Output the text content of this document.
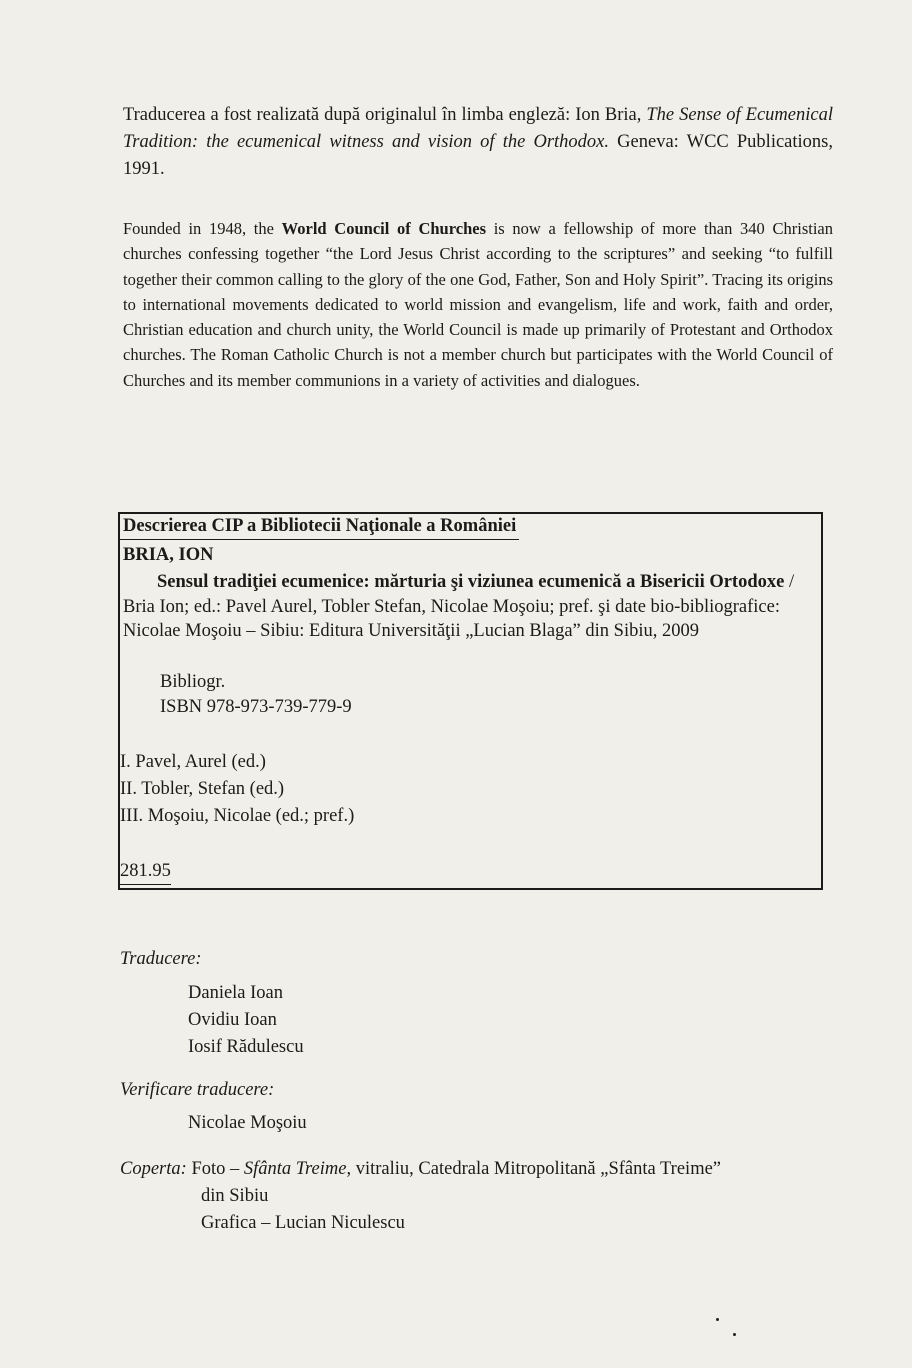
Traducerea a fost realizată după originalul în limba engleză: Ion Bria, The Sense of Ecumenical Tradition: the ecumenical witness and vision of the Orthodox. Geneva: WCC Publications, 1991.
Founded in 1948, the World Council of Churches is now a fellowship of more than 340 Christian churches confessing together “the Lord Jesus Christ according to the scriptures” and seeking “to fulfill together their common calling to the glory of the one God, Father, Son and Holy Spirit”. Tracing its origins to international movements dedicated to world mission and evangelism, life and work, faith and order, Christian education and church unity, the World Council is made up primarily of Protestant and Orthodox churches. The Roman Catholic Church is not a member church but participates with the World Council of Churches and its member communions in a variety of activities and dialogues.
Descrierea CIP a Bibliotecii Naţionale a României
BRIA, ION
Sensul tradiţiei ecumenice: mărturia şi viziunea ecumenică a Bisericii Ortodoxe / Bria Ion; ed.: Pavel Aurel, Tobler Stefan, Nicolae Moşoiu; pref. şi date bio-bibliografice: Nicolae Moşoiu – Sibiu: Editura Universităţii „Lucian Blaga” din Sibiu, 2009
Bibliogr.
ISBN 978-973-739-779-9
I. Pavel, Aurel (ed.)
II. Tobler, Stefan (ed.)
III. Moşoiu, Nicolae (ed.; pref.)
281.95
Traducere:
Daniela Ioan
Ovidiu Ioan
Iosif Rădulescu
Verificare traducere:
Nicolae Moşoiu
Coperta: Foto – Sfânta Treime, vitraliu, Catedrala Mitropolitană „Sfânta Treime”
din Sibiu
Grafica – Lucian Niculescu
